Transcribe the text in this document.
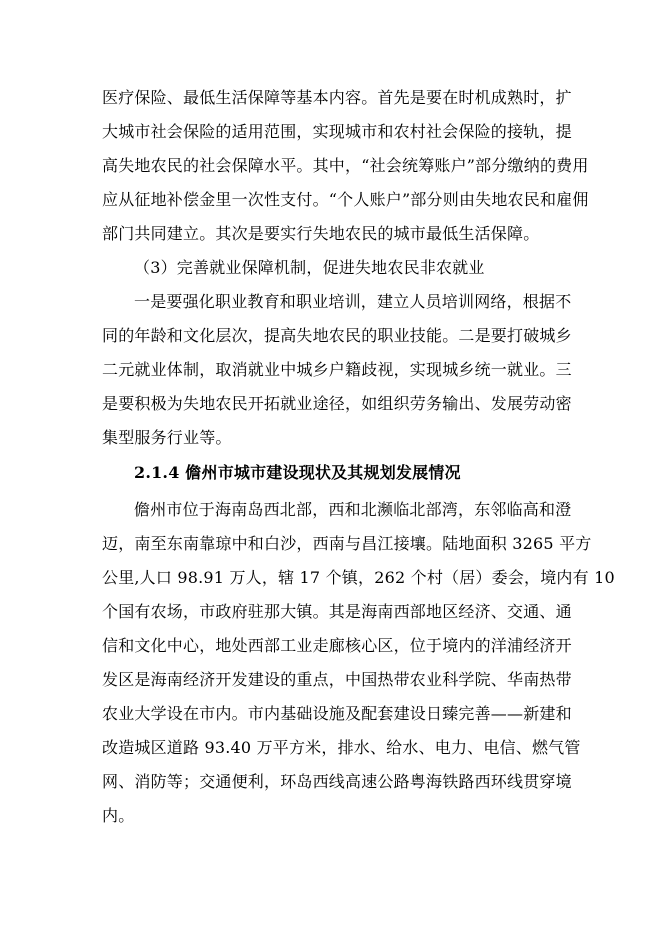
医疗保险、最低生活保障等基本内容。首先是要在时机成熟时，扩
大城市社会保险的适用范围，实现城市和农村社会保险的接轨，提
高失地农民的社会保障水平。其中，“社会统筹账户”部分缴纳的费用
应从征地补偿金里一次性支付。“个人账户”部分则由失地农民和雇佣
部门共同建立。其次是要实行失地农民的城市最低生活保障。
（3）完善就业保障机制，促进失地农民非农就业
一是要强化职业教育和职业培训，建立人员培训网络，根据不
同的年龄和文化层次，提高失地农民的职业技能。二是要打破城乡
二元就业体制，取消就业中城乡户籍歧视，实现城乡统一就业。三
是要积极为失地农民开拓就业途径，如组织劳务输出、发展劳动密
集型服务行业等。
2.1.4 儋州市城市建设现状及其规划发展情况
儋州市位于海南岛西北部，西和北濒临北部湾，东邻临高和澄
迈，南至东南靠琼中和白沙，西南与昌江接壤。陆地面积 3265 平方
公里,人口 98.91 万人，辖 17 个镇，262 个村（居）委会，境内有 10
个国有农场，市政府驻那大镇。其是海南西部地区经济、交通、通
信和文化中心，地处西部工业走廊核心区，位于境内的洋浦经济开
发区是海南经济开发建设的重点，中国热带农业科学院、华南热带
农业大学设在市内。市内基础设施及配套建设日臻完善——新建和
改造城区道路 93.40 万平方米，排水、给水、电力、电信、燃气管
网、消防等；交通便利，环岛西线高速公路粤海铁路西环线贯穿境
内。
